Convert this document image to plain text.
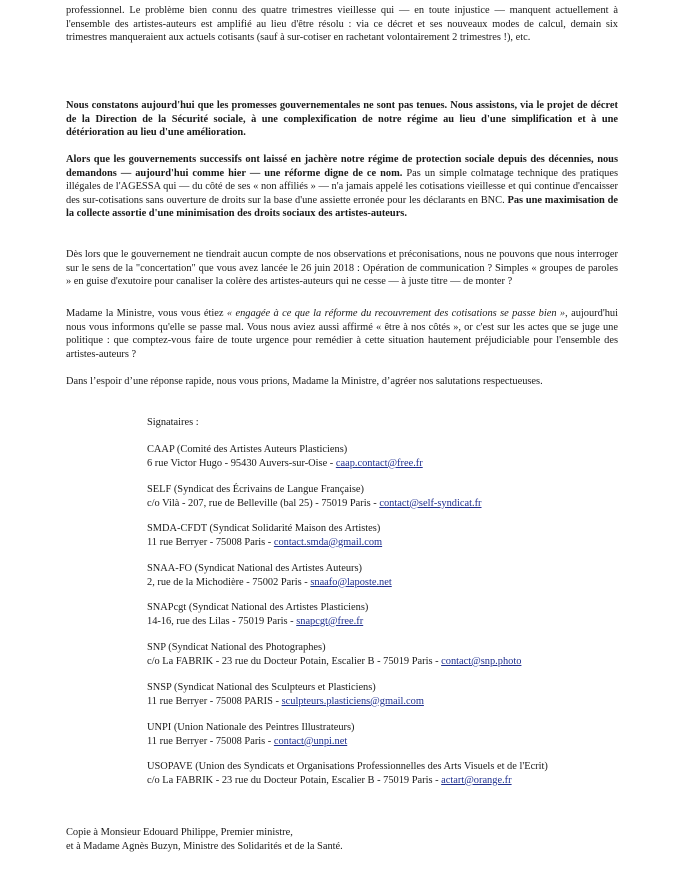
professionnel. Le problème bien connu des quatre trimestres vieillesse qui — en toute injustice — manquent actuellement à l'ensemble des artistes-auteurs est amplifié au lieu d'être résolu : via ce décret et ses nouveaux modes de calcul, demain six trimestres manqueraient aux actuels cotisants (sauf à sur-cotiser en rachetant volontairement 2 trimestres !), etc.

Nous constatons aujourd'hui que les promesses gouvernementales ne sont pas tenues. Nous assistons, via le projet de décret de la Direction de la Sécurité sociale, à une complexification de notre régime au lieu d'une simplification et à une détérioration au lieu d'une amélioration.

Alors que les gouvernements successifs ont laissé en jachère notre régime de protection sociale depuis des décennies, nous demandons — aujourd'hui comme hier — une réforme digne de ce nom. Pas un simple colmatage technique des pratiques illégales de l'AGESSA qui — du côté de ses « non affiliés » — n'a jamais appelé les cotisations vieillesse et qui continue d'encaisser des sur-cotisations sans ouverture de droits sur la base d'une assiette erronée pour les déclarants en BNC. Pas une maximisation de la collecte assortie d'une minimisation des droits sociaux des artistes-auteurs.

Dès lors que le gouvernement ne tiendrait aucun compte de nos observations et préconisations, nous ne pouvons que nous interroger sur le sens de la "concertation" que vous avez lancée le 26 juin 2018 : Opération de communication ? Simples « groupes de paroles » en guise d'exutoire pour canaliser la colère des artistes-auteurs qui ne cesse — à juste titre — de monter ?

Madame la Ministre, vous vous étiez « engagée à ce que la réforme du recouvrement des cotisations se passe bien », aujourd'hui nous vous informons qu'elle se passe mal. Vous nous aviez aussi affirmé « être à nos côtés », or c'est sur les actes que se juge une politique : que comptez-vous faire de toute urgence pour remédier à cette situation hautement préjudiciable pour l'ensemble des artistes-auteurs ?

Dans l’espoir d’une réponse rapide, nous vous prions, Madame la Ministre, d’agréer nos salutations respectueuses.

Signataires :
CAAP (Comité des Artistes Auteurs Plasticiens)
6 rue Victor Hugo - 95430 Auvers-sur-Oise - caap.contact@free.fr
SELF (Syndicat des Écrivains de Langue Française)
c/o Vilà - 207, rue de Belleville (bal 25) - 75019 Paris - contact@self-syndicat.fr
SMDA-CFDT (Syndicat Solidarité Maison des Artistes)
11 rue Berryer - 75008 Paris - contact.smda@gmail.com
SNAA-FO (Syndicat National des Artistes Auteurs)
2, rue de la Michodière - 75002 Paris - snaafo@laposte.net
SNAPcgt (Syndicat National des Artistes Plasticiens)
14-16, rue des Lilas - 75019 Paris - snapcgt@free.fr
SNP (Syndicat National des Photographes)
c/o La FABRIK - 23 rue du Docteur Potain, Escalier B - 75019 Paris - contact@snp.photo
SNSP (Syndicat National des Sculpteurs et Plasticiens)
11 rue Berryer - 75008 PARIS - sculpteurs.plasticiens@gmail.com
UNPI (Union Nationale des Peintres Illustrateurs)
11 rue Berryer - 75008 Paris - contact@unpi.net
USOPAVE (Union des Syndicats et Organisations Professionnelles des Arts Visuels et de l'Ecrit)
c/o La FABRIK - 23 rue du Docteur Potain, Escalier B - 75019 Paris - actart@orange.fr
Copie à Monsieur Edouard Philippe, Premier ministre,
et à Madame Agnès Buzyn, Ministre des Solidarités et de la Santé.
